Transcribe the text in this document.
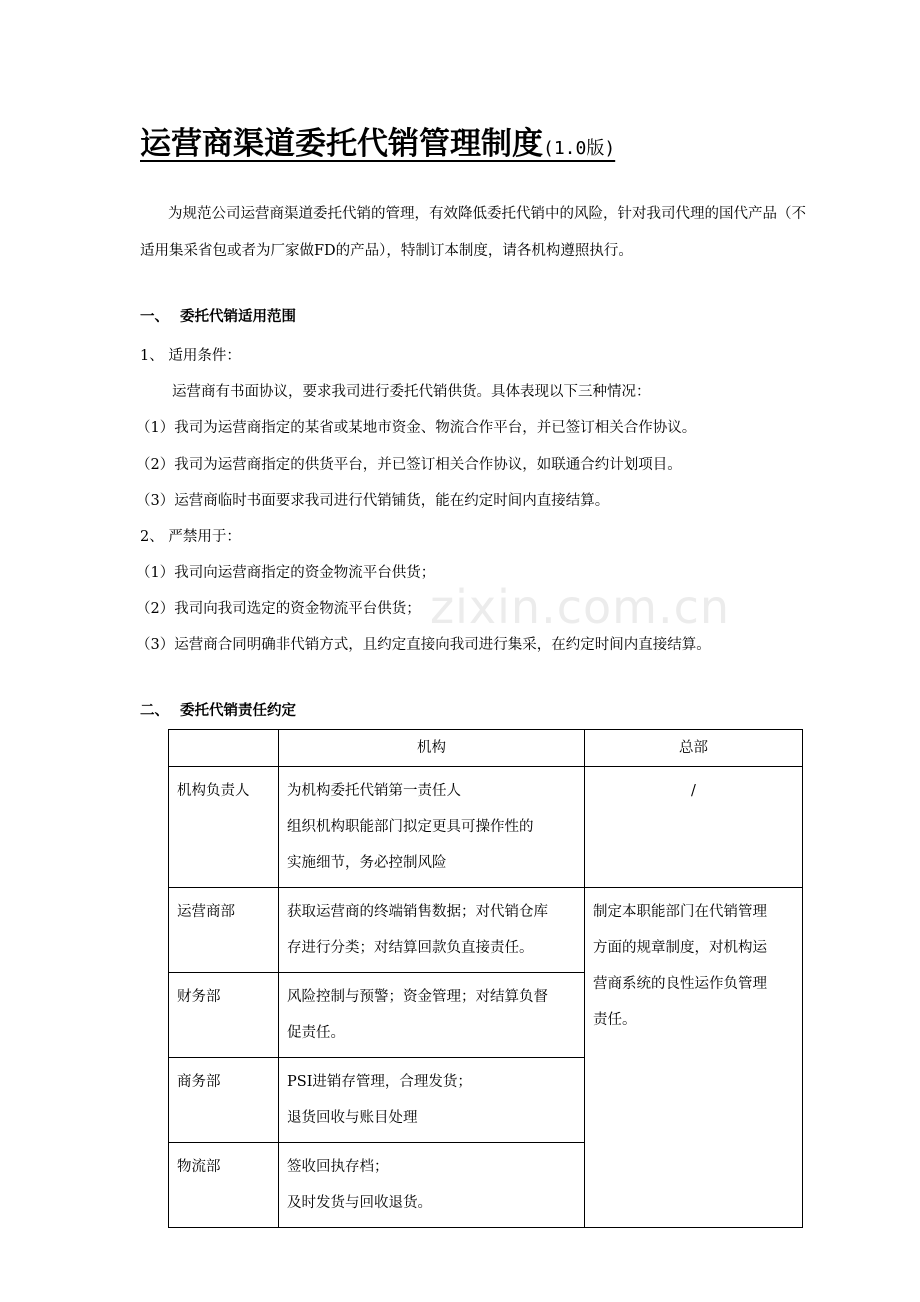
zixin.com.cn
运营商渠道委托代销管理制度(1.0版)
为规范公司运营商渠道委托代销的管理，有效降低委托代销中的风险，针对我司代理的国代产品（不适用集采省包或者为厂家做FD的产品），特制订本制度，请各机构遵照执行。
一、 委托代销适用范围
1、 适用条件：
运营商有书面协议，要求我司进行委托代销供货。具体表现以下三种情况：
（1）我司为运营商指定的某省或某地市资金、物流合作平台，并已签订相关合作协议。
（2）我司为运营商指定的供货平台，并已签订相关合作协议，如联通合约计划项目。
（3）运营商临时书面要求我司进行代销铺货，能在约定时间内直接结算。
2、 严禁用于：
（1）我司向运营商指定的资金物流平台供货；
（2）我司向我司选定的资金物流平台供货；
（3）运营商合同明确非代销方式，且约定直接向我司进行集采，在约定时间内直接结算。
二、 委托代销责任约定
	机构	总部
机构负责人	为机构委托代销第一责任人
组织机构职能部门拟定更具可操作性的
实施细节，务必控制风险	/
运营商部	获取运营商的终端销售数据；对代销仓库
存进行分类；对结算回款负直接责任。	制定本职能部门在代销管理
方面的规章制度，对机构运
营商系统的良性运作负管理
责任。

财务部	风险控制与预警；资金管理；对结算负督
促责任。	

商务部	PSI进销存管理，合理发货；
退货回收与账目处理	

物流部	签收回执存档；
及时发货与回收退货。	
